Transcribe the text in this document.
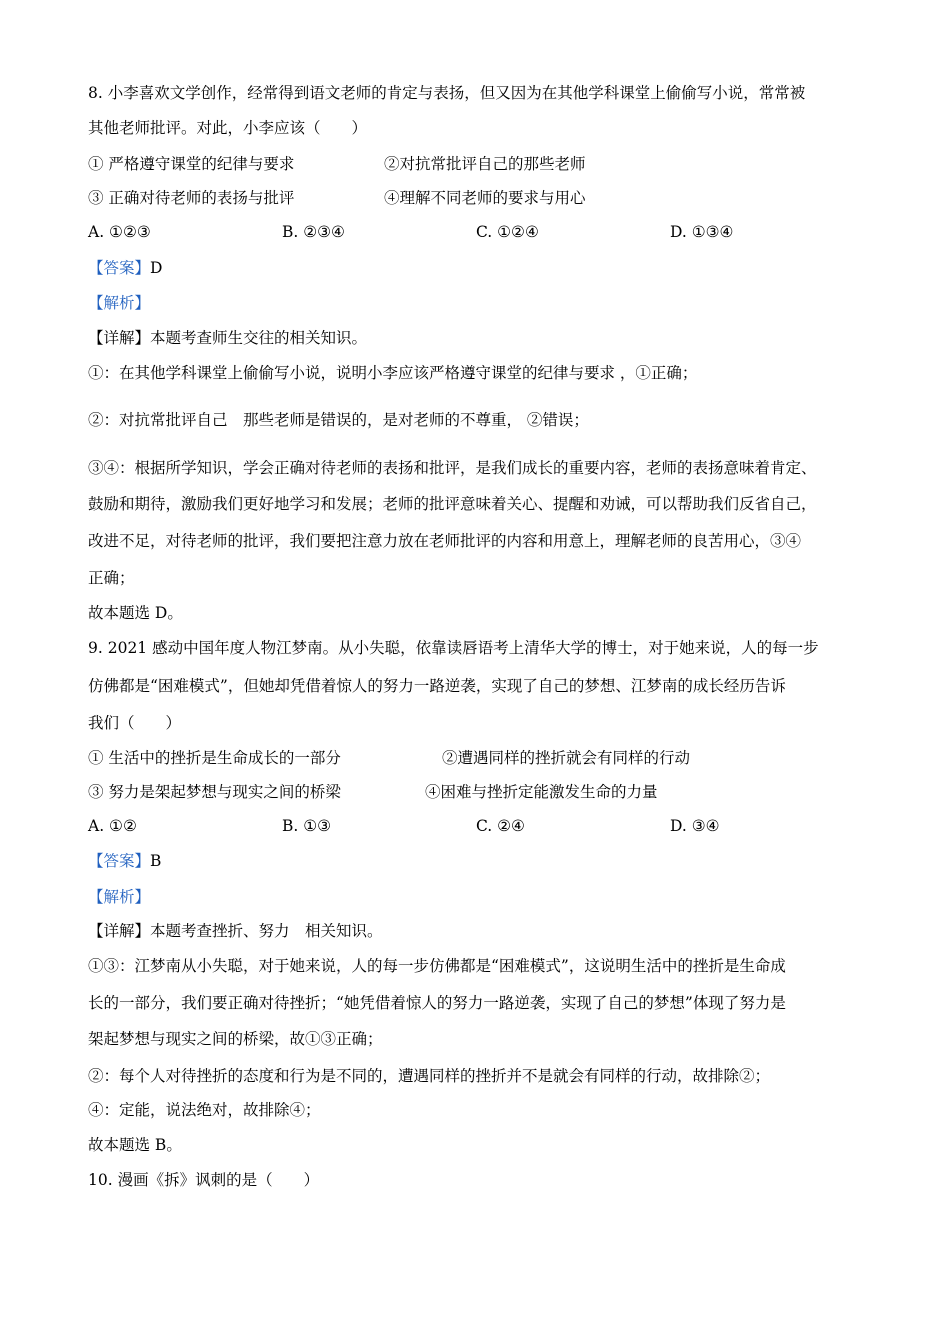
8. 小李喜欢文学创作，经常得到语文老师的肯定与表扬，但又因为在其他学科课堂上偷偷写小说，常常被
其他老师批评。对此，小李应该（　　）
① 严格遵守课堂的纪律与要求	②对抗常批评自己的那些老师
③ 正确对待老师的表扬与批评	④理解不同老师的要求与用心
A. ①②③	B. ②③④	C. ①②④	D. ①③④
【答案】D
【解析】
【详解】本题考查师生交往的相关知识。
①：在其他学科课堂上偷偷写小说，说明小李应该严格遵守课堂的纪律与要求 ，①正确；
②：对抗常批评自己　那些老师是错误的，是对老师的不尊重， ②错误；
③④：根据所学知识，学会正确对待老师的表扬和批评，是我们成长的重要内容，老师的表扬意味着肯定、
鼓励和期待，激励我们更好地学习和发展；老师的批评意味着关心、提醒和劝诫，可以帮助我们反省自己，
改进不足，对待老师的批评，我们要把注意力放在老师批评的内容和用意上，理解老师的良苦用心，③④
正确；
故本题选 D。
9. 2021 感动中国年度人物江梦南。从小失聪，依靠读唇语考上清华大学的博士，对于她来说，人的每一步
仿佛都是“困难模式”，但她却凭借着惊人的努力一路逆袭，实现了自己的梦想、江梦南的成长经历告诉
我们（　　）
① 生活中的挫折是生命成长的一部分	②遭遇同样的挫折就会有同样的行动
③ 努力是架起梦想与现实之间的桥梁	④困难与挫折定能激发生命的力量
A. ①②	B. ①③	C. ②④	D. ③④
【答案】B
【解析】
【详解】本题考查挫折、努力　相关知识。
①③：江梦南从小失聪，对于她来说，人的每一步仿佛都是“困难模式”，这说明生活中的挫折是生命成
长的一部分，我们要正确对待挫折；“她凭借着惊人的努力一路逆袭，实现了自己的梦想”体现了努力是
架起梦想与现实之间的桥梁，故①③正确；
②：每个人对待挫折的态度和行为是不同的，遭遇同样的挫折并不是就会有同样的行动，故排除②；
④：定能，说法绝对，故排除④；
故本题选 B。
10. 漫画《拆》讽刺的是（　　）
